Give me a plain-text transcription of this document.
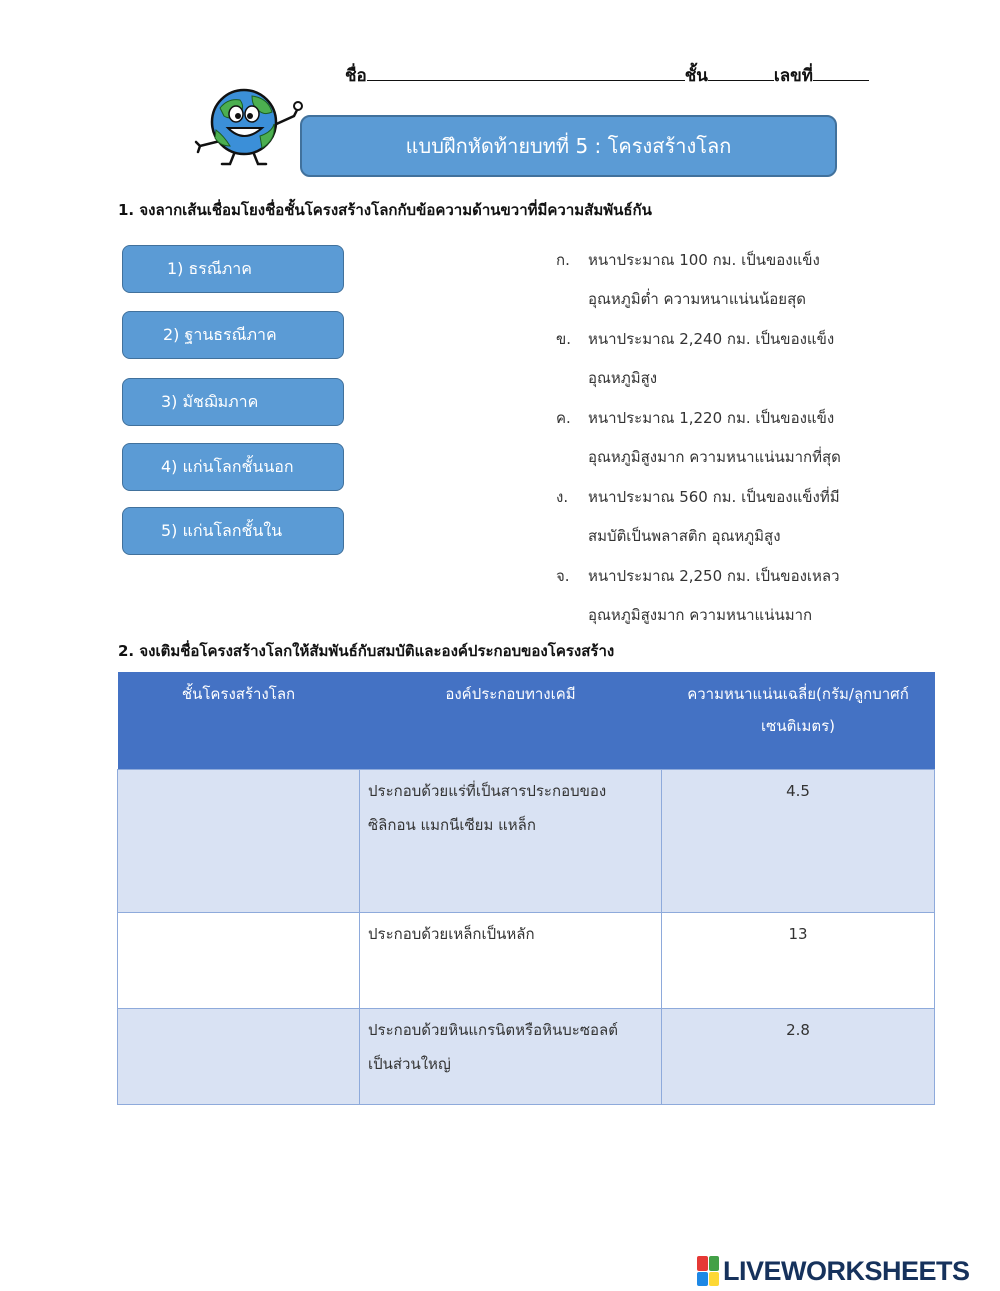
ชื่อ	ชั้น	เลขที่
แบบฝึกหัดท้ายบทที่ 5 : โครงสร้างโลก
1. จงลากเส้นเชื่อมโยงชื่อชั้นโครงสร้างโลกกับข้อความด้านขวาที่มีความสัมพันธ์กัน
1) ธรณีภาค
2) ฐานธรณีภาค
3) มัชฌิมภาค
4) แก่นโลกชั้นนอก
5) แก่นโลกชั้นใน
ก.	หนาประมาณ 100 กม. เป็นของแข็ง
อุณหภูมิต่ำ ความหนาแน่นน้อยสุด
ข.	หนาประมาณ 2,240 กม. เป็นของแข็ง
อุณหภูมิสูง
ค.	หนาประมาณ 1,220 กม. เป็นของแข็ง
อุณหภูมิสูงมาก ความหนาแน่นมากที่สุด
ง.	หนาประมาณ 560 กม. เป็นของแข็งที่มี
สมบัติเป็นพลาสติก อุณหภูมิสูง
จ.	หนาประมาณ 2,250 กม. เป็นของเหลว
อุณหภูมิสูงมาก ความหนาแน่นมาก
2. จงเติมชื่อโครงสร้างโลกให้สัมพันธ์กับสมบัติและองค์ประกอบของโครงสร้าง
ชั้นโครงสร้างโลก	องค์ประกอบทางเคมี	ความหนาแน่นเฉลี่ย(กรัม/ลูกบาศก์
เซนติเมตร)

	ประกอบด้วยแร่ที่เป็นสารประกอบของ
ซิลิกอน แมกนีเซียม แหล็ก	4.5

	ประกอบด้วยเหล็กเป็นหลัก	13

	ประกอบด้วยหินแกรนิตหรือหินบะซอลต์
เป็นส่วนใหญ่	2.8
LIVEWORKSHEETS
